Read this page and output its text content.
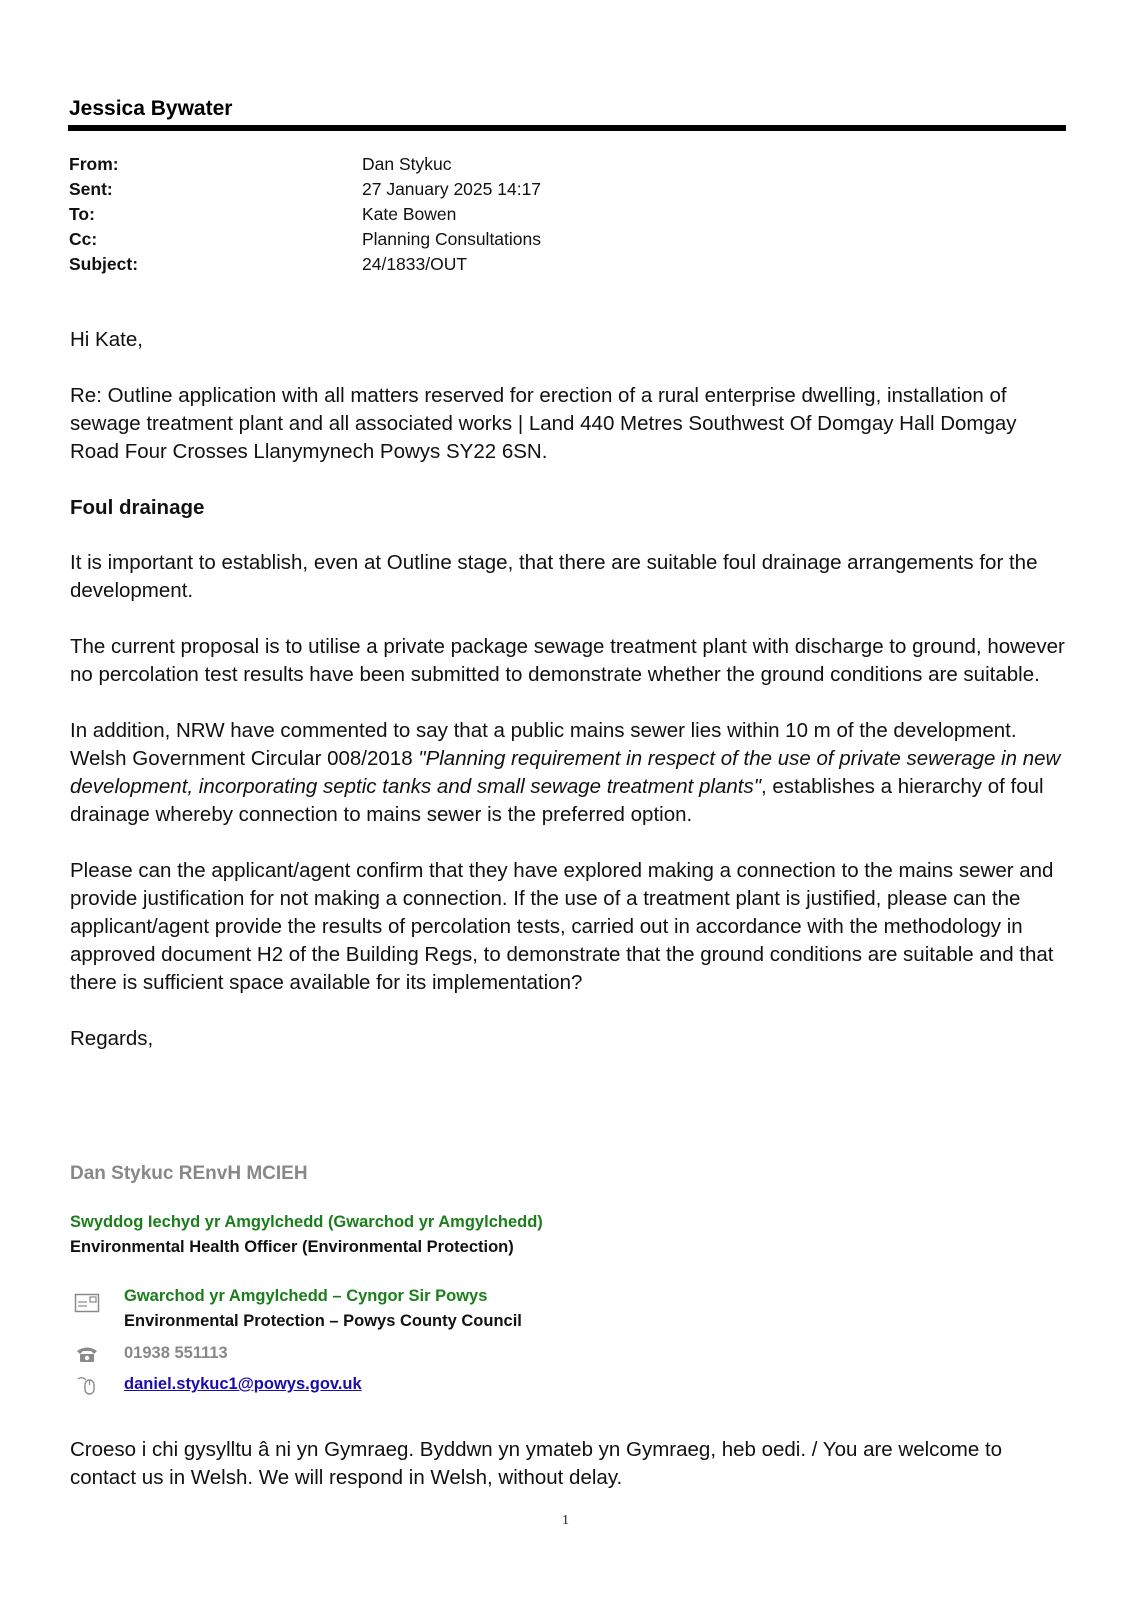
Jessica Bywater
From:	Dan Stykuc
Sent:	27 January 2025 14:17
To:	Kate Bowen
Cc:	Planning Consultations
Subject:	24/1833/OUT

Hi Kate,

Re: Outline application with all matters reserved for erection of a rural enterprise dwelling, installation of sewage treatment plant and all associated works | Land 440 Metres Southwest Of Domgay Hall Domgay Road Four Crosses Llanymynech Powys SY22 6SN.

Foul drainage

It is important to establish, even at Outline stage, that there are suitable foul drainage arrangements for the development.

The current proposal is to utilise a private package sewage treatment plant with discharge to ground, however no percolation test results have been submitted to demonstrate whether the ground conditions are suitable.

In addition, NRW have commented to say that a public mains sewer lies within 10 m of the development. Welsh Government Circular 008/2018 "Planning requirement in respect of the use of private sewerage in new development, incorporating septic tanks and small sewage treatment plants", establishes a hierarchy of foul drainage whereby connection to mains sewer is the preferred option.

Please can the applicant/agent confirm that they have explored making a connection to the mains sewer and provide justification for not making a connection. If the use of a treatment plant is justified, please can the applicant/agent provide the results of percolation tests, carried out in accordance with the methodology in approved document H2 of the Building Regs, to demonstrate that the ground conditions are suitable and that there is sufficient space available for its implementation?

Regards,

Dan Stykuc REnvH MCIEH
Swyddog Iechyd yr Amgylchedd (Gwarchod yr Amgylchedd)
Environmental Health Officer (Environmental Protection)
Gwarchod yr Amgylchedd – Cyngor Sir Powys
Environmental Protection – Powys County Council
01938 551113
daniel.stykuc1@powys.gov.uk
Croeso i chi gysylltu â ni yn Gymraeg. Byddwn yn ymateb yn Gymraeg, heb oedi. / You are welcome to contact us in Welsh. We will respond in Welsh, without delay.
1
